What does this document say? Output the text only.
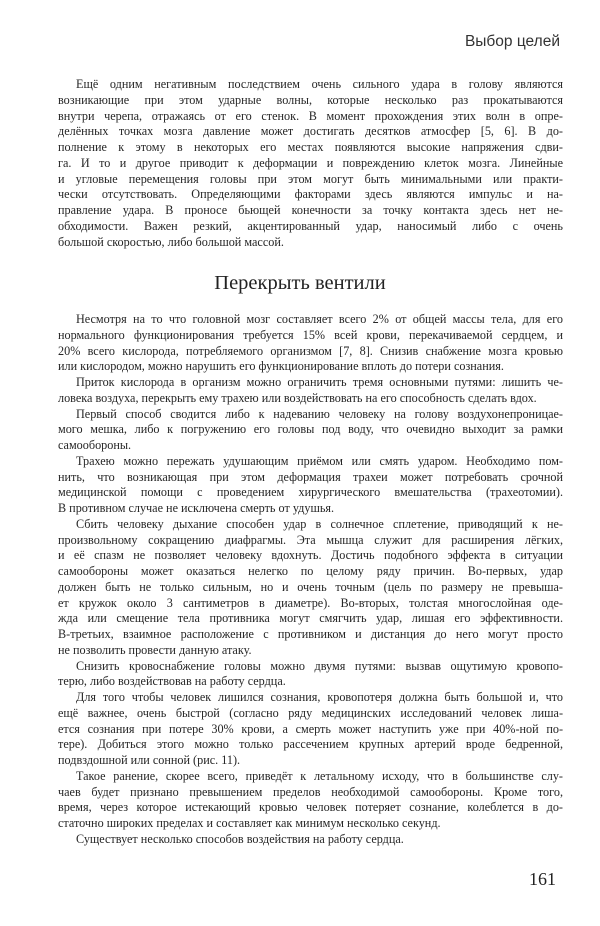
Выбор целей
Ещё одним негативным последствием очень сильного удара в голову являются
возникающие при этом ударные волны, которые несколько раз прокатываются
внутри черепа, отражаясь от его стенок. В момент прохождения этих волн в опре-
делённых точках мозга давление может достигать десятков атмосфер [5, 6]. В до-
полнение к этому в некоторых его местах появляются высокие напряжения сдви-
га. И то и другое приводит к деформации и повреждению клеток мозга. Линейные
и угловые перемещения головы при этом могут быть минимальными или практи-
чески отсутствовать. Определяющими факторами здесь являются импульс и на-
правление удара. В проносе бьющей конечности за точку контакта здесь нет не-
обходимости. Важен резкий, акцентированный удар, наносимый либо с очень
большой скоростью, либо большой массой.
Перекрыть вентили
Несмотря на то что головной мозг составляет всего 2% от общей массы тела, для его
нормального функционирования требуется 15% всей крови, перекачиваемой сердцем, и
20% всего кислорода, потребляемого организмом [7, 8]. Снизив снабжение мозга кровью
или кислородом, можно нарушить его функционирование вплоть до потери сознания.
Приток кислорода в организм можно ограничить тремя основными путями: лишить че-
ловека воздуха, перекрыть ему трахею или воздействовать на его способность сделать вдох.
Первый способ сводится либо к надеванию человеку на голову воздухонепроницае-
мого мешка, либо к погружению его головы под воду, что очевидно выходит за рамки
самообороны.
Трахею можно пережать удушающим приёмом или смять ударом. Необходимо пом-
нить, что возникающая при этом деформация трахеи может потребовать срочной
медицинской помощи с проведением хирургического вмешательства (трахеотомии).
В противном случае не исключена смерть от удушья.
Сбить человеку дыхание способен удар в солнечное сплетение, приводящий к не-
произвольному сокращению диафрагмы. Эта мышца служит для расширения лёгких,
и её спазм не позволяет человеку вдохнуть. Достичь подобного эффекта в ситуации
самообороны может оказаться нелегко по целому ряду причин. Во-первых, удар
должен быть не только сильным, но и очень точным (цель по размеру не превыша-
ет кружок около 3 сантиметров в диаметре). Во-вторых, толстая многослойная оде-
жда или смещение тела противника могут смягчить удар, лишая его эффективности.
В-третьих, взаимное расположение с противником и дистанция до него могут просто
не позволить провести данную атаку.
Снизить кровоснабжение головы можно двумя путями: вызвав ощутимую кровопо-
терю, либо воздействовав на работу сердца.
Для того чтобы человек лишился сознания, кровопотеря должна быть большой и, что
ещё важнее, очень быстрой (согласно ряду медицинских исследований человек лиша-
ется сознания при потере 30% крови, а смерть может наступить уже при 40%-ной по-
тере). Добиться этого можно только рассечением крупных артерий вроде бедренной,
подвздошной или сонной (рис. 11).
Такое ранение, скорее всего, приведёт к летальному исходу, что в большинстве слу-
чаев будет признано превышением пределов необходимой самообороны. Кроме того,
время, через которое истекающий кровью человек потеряет сознание, колеблется в до-
статочно широких пределах и составляет как минимум несколько секунд.
Существует несколько способов воздействия на работу сердца.
161
